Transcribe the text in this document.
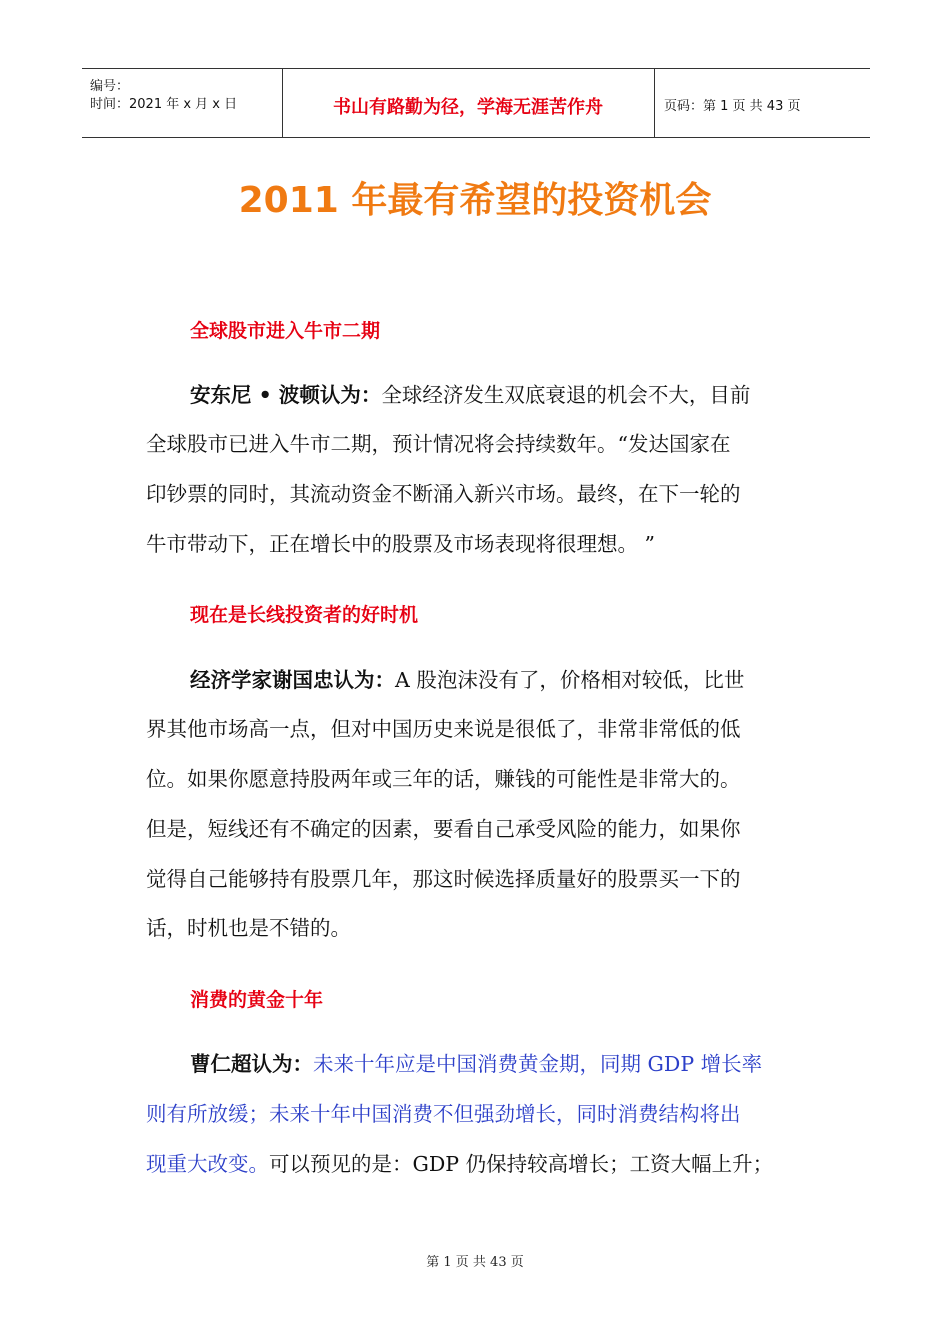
编号：
时间：2021 年 x 月 x 日	书山有路勤为径，学海无涯苦作舟	页码：第 1 页 共 43 页
2011 年最有希望的投资机会
全球股市进入牛市二期
安东尼 • 波顿认为：全球经济发生双底衰退的机会不大，目前
全球股市已进入牛市二期，预计情况将会持续数年。“发达国家在
印钞票的同时，其流动资金不断涌入新兴市场。最终，在下一轮的
牛市带动下，正在增长中的股票及市场表现将很理想。 ”
现在是长线投资者的好时机
经济学家谢国忠认为：A 股泡沫没有了，价格相对较低，比世
界其他市场高一点，但对中国历史来说是很低了，非常非常低的低
位。如果你愿意持股两年或三年的话，赚钱的可能性是非常大的。
但是，短线还有不确定的因素，要看自己承受风险的能力，如果你
觉得自己能够持有股票几年，那这时候选择质量好的股票买一下的
话，时机也是不错的。
消费的黄金十年
曹仁超认为：未来十年应是中国消费黄金期，同期 GDP 增长率
则有所放缓；未来十年中国消费不但强劲增长，同时消费结构将出
现重大改变。可以预见的是：GDP 仍保持较高增长；工资大幅上升；
第 1 页 共 43 页
